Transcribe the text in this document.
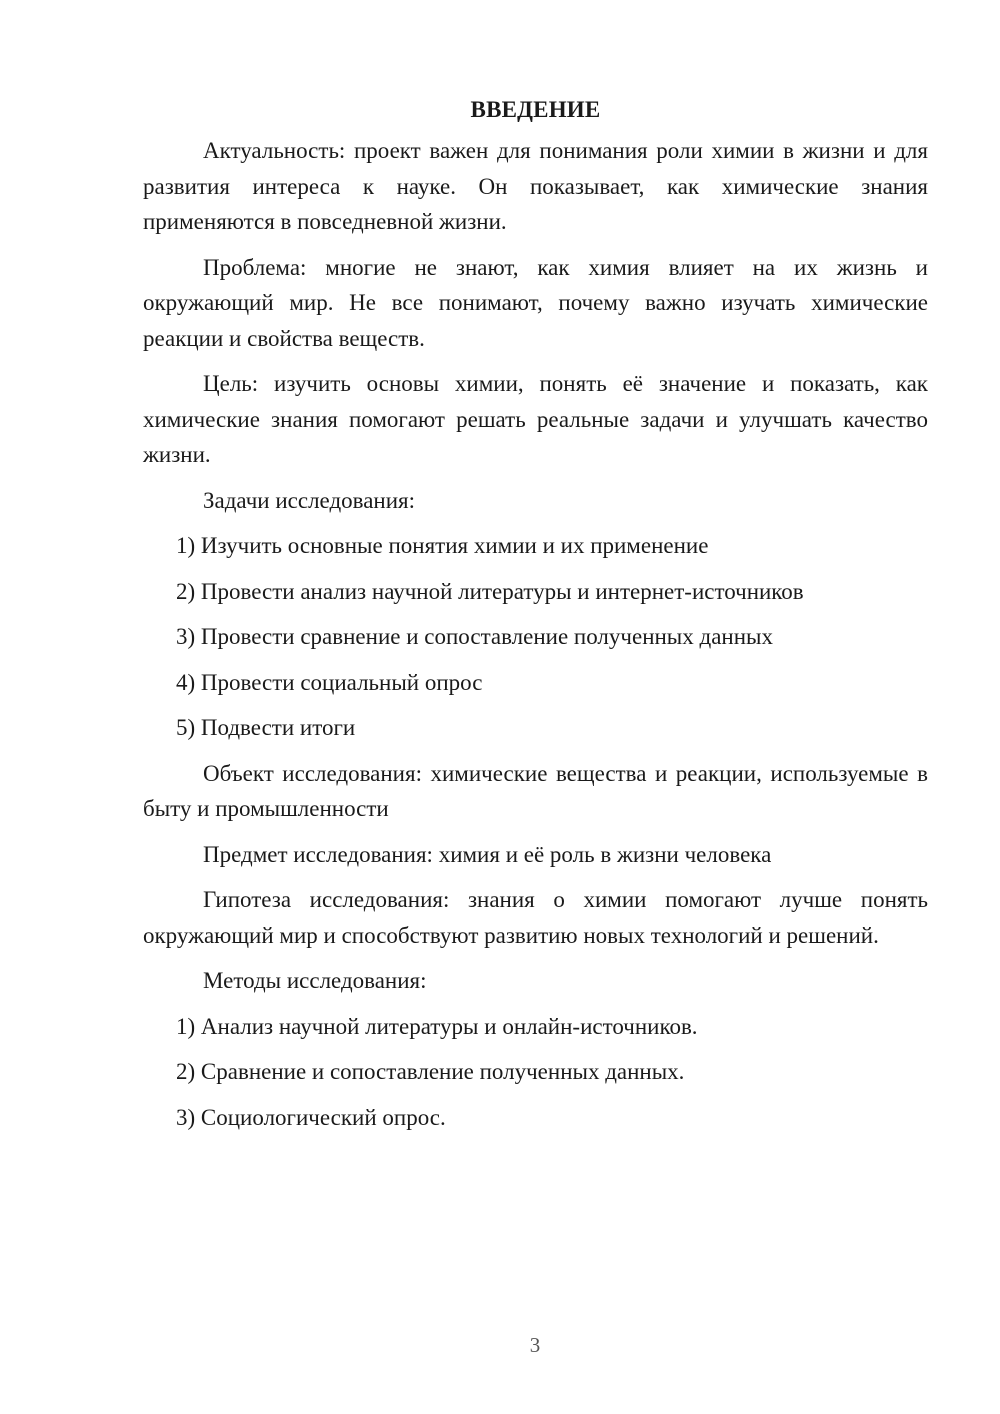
ВВЕДЕНИЕ

Актуальность: проект важен для понимания роли химии в жизни и для развития интереса к науке. Он показывает, как химические знания применяются в повседневной жизни.

Проблема: многие не знают, как химия влияет на их жизнь и окружающий мир. Не все понимают, почему важно изучать химические реакции и свойства веществ.

Цель: изучить основы химии, понять её значение и показать, как химические знания помогают решать реальные задачи и улучшать качество жизни.

Задачи исследования:

1) Изучить основные понятия химии и их применение
2) Провести анализ научной литературы и интернет-источников
3) Провести сравнение и сопоставление полученных данных
4) Провести социальный опрос
5) Подвести итоги

Объект исследования: химические вещества и реакции, используемые в быту и промышленности

Предмет исследования: химия и её роль в жизни человека

Гипотеза исследования: знания о химии помогают лучше понять окружающий мир и способствуют развитию новых технологий и решений.

Методы исследования:

1) Анализ научной литературы и онлайн-источников.
2) Сравнение и сопоставление полученных данных.
3) Социологический опрос.
3
